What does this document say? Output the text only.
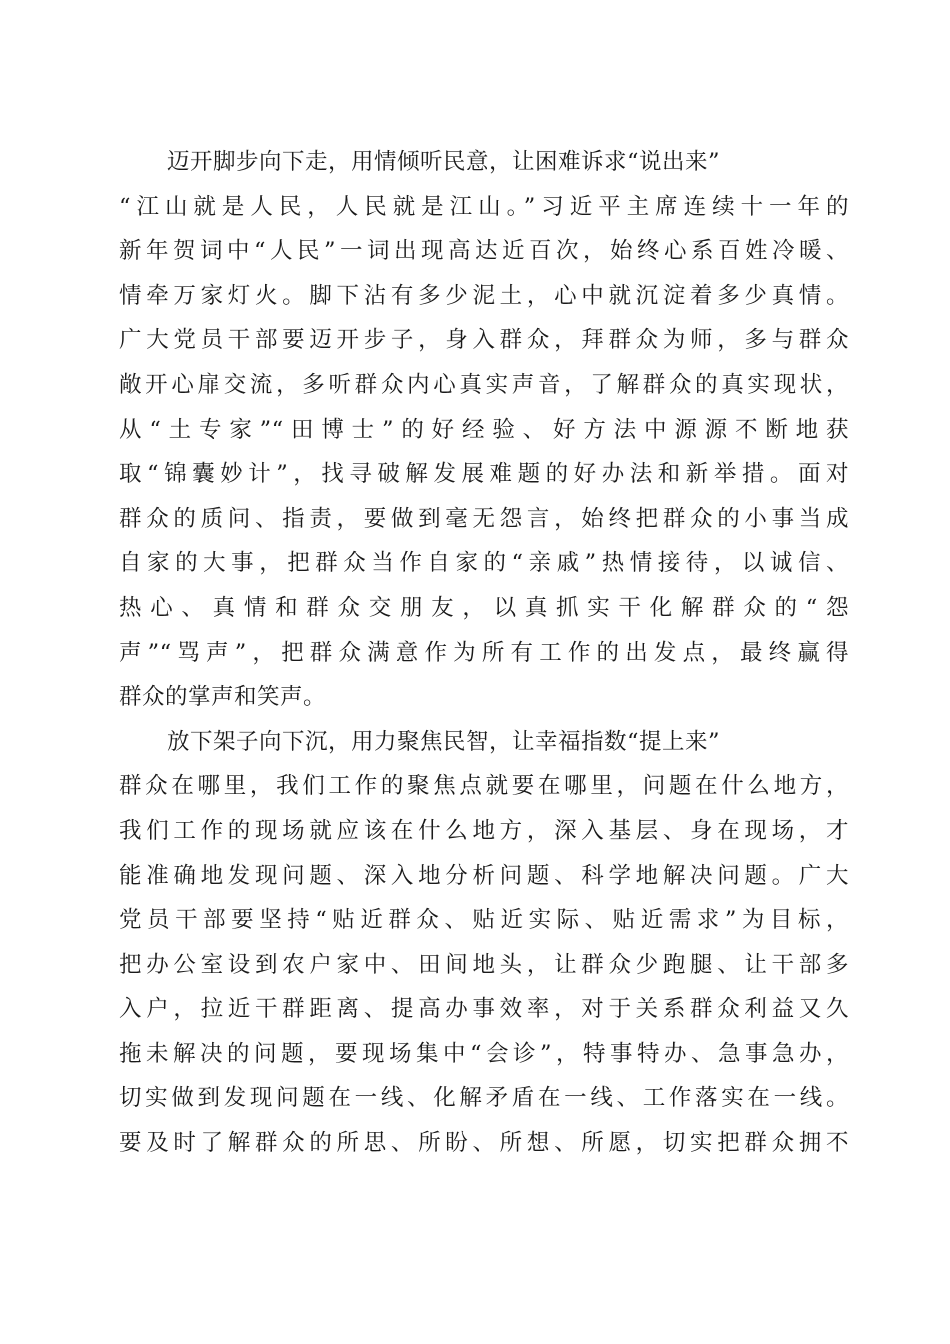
迈开脚步向下走，用情倾听民意，让困难诉求“说出来”
“江山就是人民，人民就是江山。”习近平主席连续十一年的
新年贺词中“人民”一词出现高达近百次，始终心系百姓冷暖、
情牵万家灯火。脚下沾有多少泥土，心中就沉淀着多少真情。
广大党员干部要迈开步子，身入群众，拜群众为师，多与群众
敞开心扉交流，多听群众内心真实声音，了解群众的真实现状，
从“土专家”“田博士”的好经验、好方法中源源不断地获
取“锦囊妙计”，找寻破解发展难题的好办法和新举措。面对
群众的质问、指责，要做到毫无怨言，始终把群众的小事当成
自家的大事，把群众当作自家的“亲戚”热情接待，以诚信、
热心、真情和群众交朋友，以真抓实干化解群众的“怨
声”“骂声”，把群众满意作为所有工作的出发点，最终赢得
群众的掌声和笑声。
放下架子向下沉，用力聚焦民智，让幸福指数“提上来”
群众在哪里，我们工作的聚焦点就要在哪里，问题在什么地方，
我们工作的现场就应该在什么地方，深入基层、身在现场，才
能准确地发现问题、深入地分析问题、科学地解决问题。广大
党员干部要坚持“贴近群众、贴近实际、贴近需求”为目标，
把办公室设到农户家中、田间地头，让群众少跑腿、让干部多
入户，拉近干群距离、提高办事效率，对于关系群众利益又久
拖未解决的问题，要现场集中“会诊”，特事特办、急事急办，
切实做到发现问题在一线、化解矛盾在一线、工作落实在一线。
要及时了解群众的所思、所盼、所想、所愿，切实把群众拥不
